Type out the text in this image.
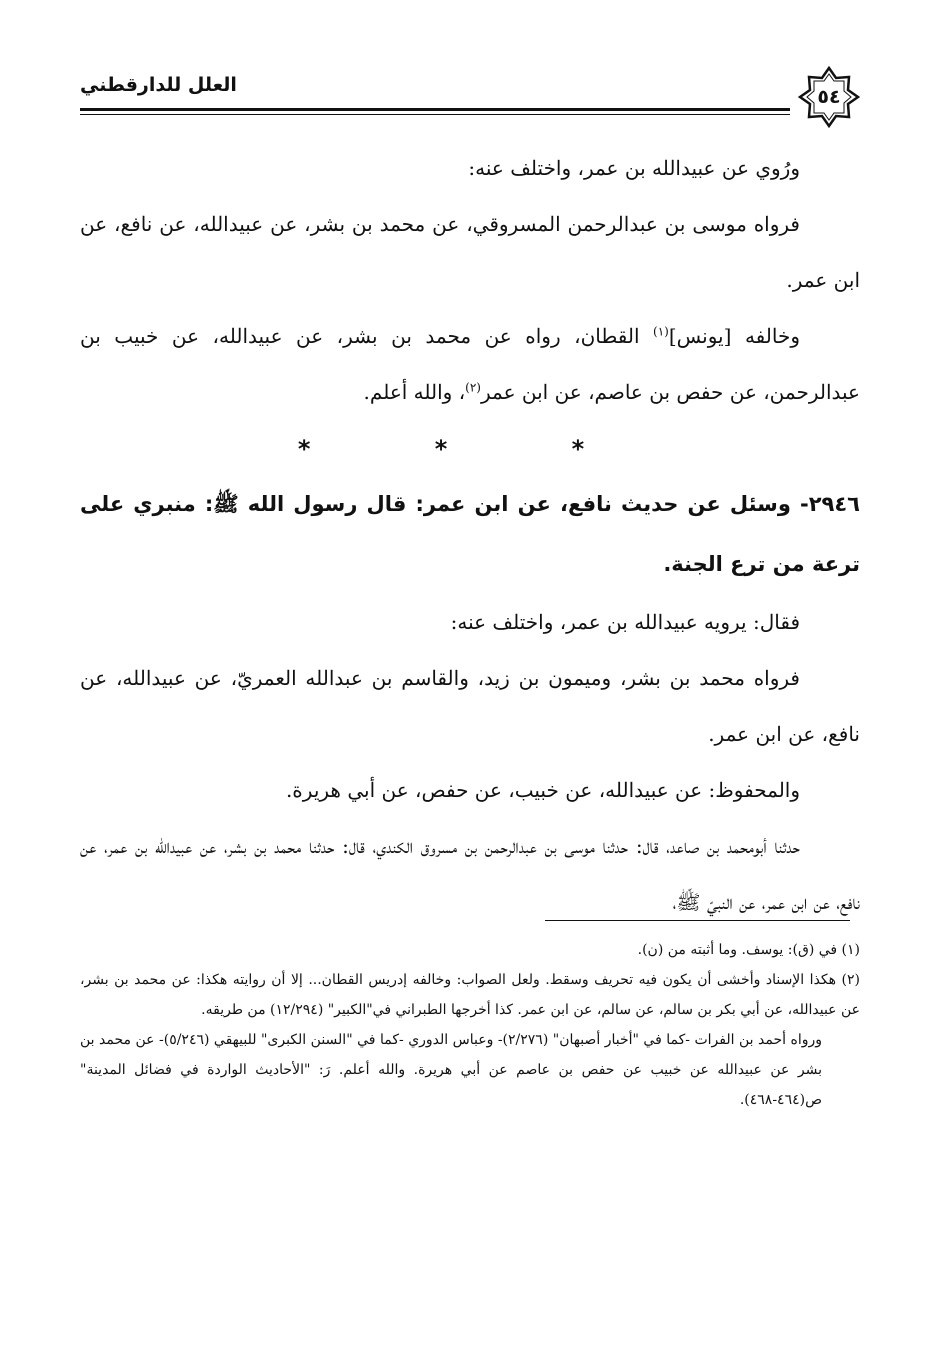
٥٤
العلل للدارقطني

ورُوي عن عبيدالله بن عمر، واختلف عنه:

فرواه موسى بن عبدالرحمن المسروقي، عن محمد بن بشر، عن عبيدالله، عن نافع، عن ابن عمر.

وخالفه [يونس]$^{(١)}$ القطان، رواه عن محمد بن بشر، عن عبيدالله، عن خبيب بن عبدالرحمن، عن حفص بن عاصم، عن ابن عمر$^{(٢)}$، والله أعلم.

* * *

٢٩٤٦- وسئل عن حديث نافع، عن ابن عمر: قال رسول الله ﷺ: منبري على ترعة من ترع الجنة.

فقال: يرويه عبيدالله بن عمر، واختلف عنه:

فرواه محمد بن بشر، وميمون بن زيد، والقاسم بن عبدالله العمريّ، عن عبيدالله، عن نافع، عن ابن عمر.

والمحفوظ: عن عبيدالله، عن خبيب، عن حفص، عن أبي هريرة.

حدثنا أبومحمد بن صاعد، قال: حدثنا موسى بن عبدالرحمن بن مسروق الكندي، قال: حدثنا محمد بن بشر، عن عبيدالله بن عمر، عن نافع، عن ابن عمر، عن النبيّ ﷺ،

(١) في (ق): يوسف. وما أثبته من (ن).

(٢) هكذا الإسناد وأخشى أن يكون فيه تحريف وسقط. ولعل الصواب: وخالفه إدريس القطان... إلا أن روايته هكذا: عن محمد بن بشر، عن عبيدالله، عن أبي بكر بن سالم، عن سالم، عن ابن عمر. كذا أخرجها الطبراني في"الكبير" (١٢/٢٩٤) من طريقه.

ورواه أحمد بن الفرات -كما في "أخبار أصبهان" (٢/٢٧٦)- وعباس الدوري -كما في "السنن الكبرى" للبيهقي (٥/٢٤٦)- عن محمد بن بشر عن عبيدالله عن خبيب عن حفص بن عاصم عن أبي هريرة. والله أعلم. رَ: "الأحاديث الواردة في فضائل المدينة" ص(٤٦٤-٤٦٨).
